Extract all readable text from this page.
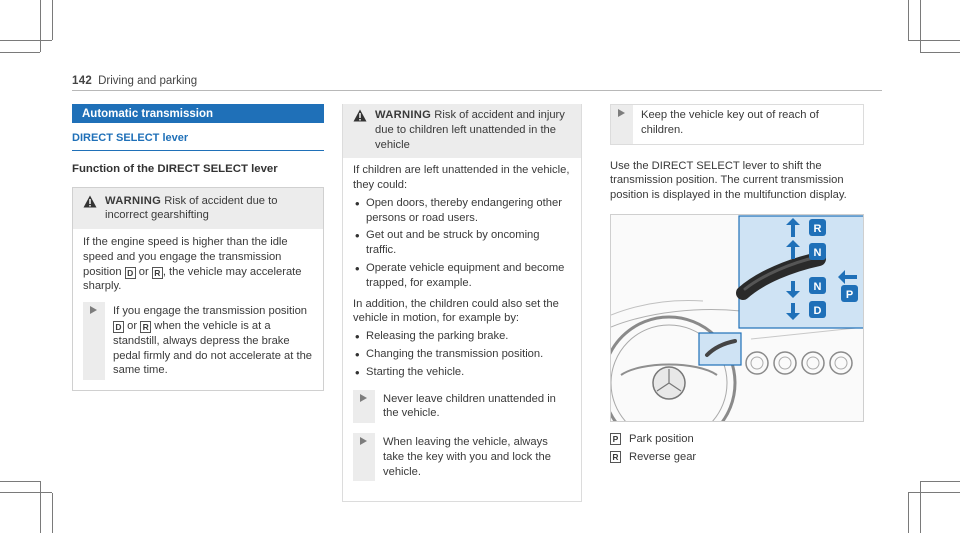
142 Driving and parking
Automatic transmission
DIRECT SELECT lever
Function of the DIRECT SELECT lever
WARNING Risk of accident due to incorrect gearshifting
If the engine speed is higher than the idle speed and you engage the transmission position D or R , the vehicle may accelerate sharply.
If you engage the transmission position D or R when the vehicle is at a standstill, always depress the brake pedal firmly and do not accelerate at the same time.
WARNING Risk of accident and injury due to children left unattended in the vehicle
If children are left unattended in the vehicle, they could:
• Open doors, thereby endangering other persons or road users.
• Get out and be struck by oncoming traffic.
• Operate vehicle equipment and become trapped, for example.
In addition, the children could also set the vehicle in motion, for example by:
• Releasing the parking brake.
• Changing the transmission position.
• Starting the vehicle.
Never leave children unattended in the vehicle.
When leaving the vehicle, always take the key with you and lock the vehicle.
Keep the vehicle key out of reach of children.
Use the DIRECT SELECT lever to shift the transmission position. The current transmission position is displayed in the multifunction display.
R
N
N
D
P
P Park position
R Reverse gear
